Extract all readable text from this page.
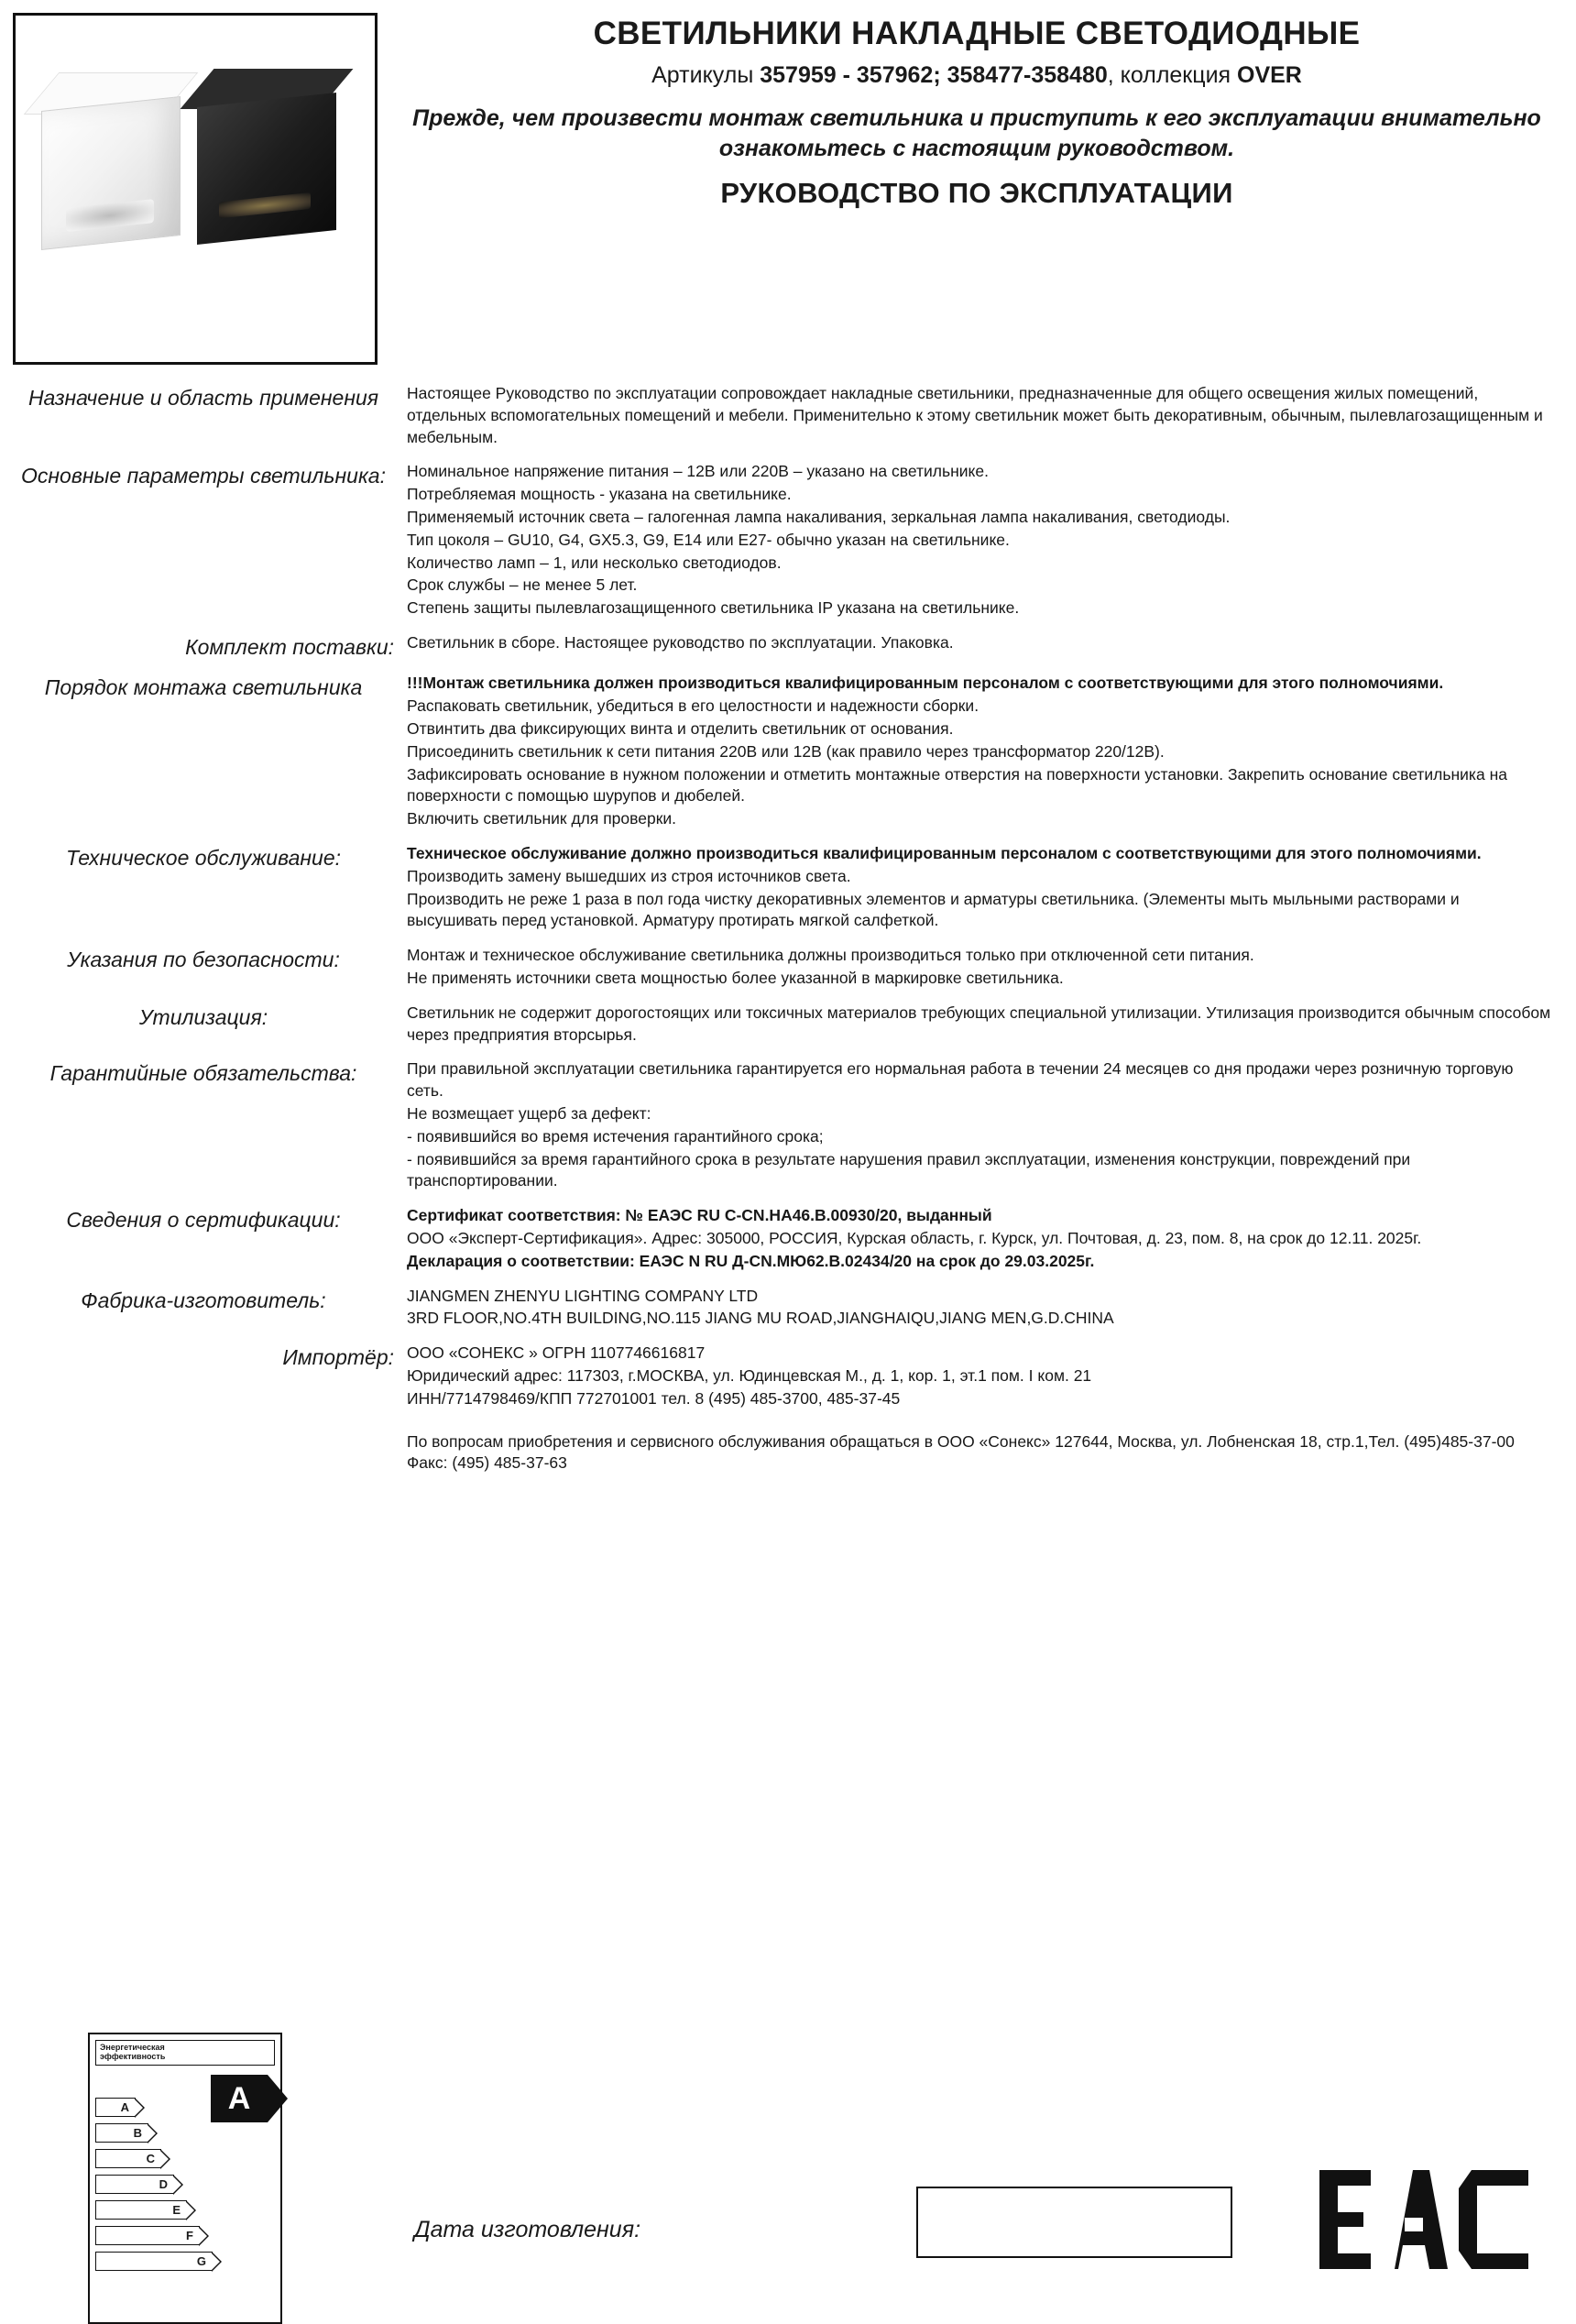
СВЕТИЛЬНИКИ НАКЛАДНЫЕ СВЕТОДИОДНЫЕ
Артикулы 357959 - 357962; 358477-358480, коллекция OVER
Прежде, чем произвести монтаж светильника и приступить к его эксплуатации внимательно ознакомьтесь с настоящим руководством.
РУКОВОДСТВО ПО ЭКСПЛУАТАЦИИ
Назначение и область применения	Настоящее Руководство по эксплуатации сопровождает накладные светильники, предназначенные для общего освещения жилых помещений, отдельных вспомогательных помещений и мебели. Применительно к этому светильник может быть декоративным, обычным, пылевлагозащищенным и мебельным.

Основные параметры светильника:	Номинальное напряжение питания – 12В или 220В – указано на светильнике.

Потребляемая мощность - указана на светильнике.

Применяемый источник света – галогенная лампа накаливания, зеркальная лампа накаливания, светодиоды.

Тип цоколя – GU10, G4, GX5.3, G9, E14 или E27- обычно указан на светильнике.

Количество ламп – 1, или несколько светодиодов.

Срок службы – не менее 5 лет.

Степень защиты пылевлагозащищенного светильника IP указана на светильнике.

Комплект поставки: Светильник в сборе. Настоящее руководство по эксплуатации. Упаковка.

Порядок монтажа светильника	!!!Монтаж светильника должен производиться квалифицированным персоналом с соответствующими для этого полномочиями.

Распаковать светильник, убедиться в его целостности и надежности сборки.

Отвинтить два фиксирующих винта и отделить светильник от основания.

Присоединить светильник к сети питания 220В или 12В (как правило через трансформатор 220/12В).

Зафиксировать основание в нужном положении и отметить монтажные отверстия на поверхности установки. Закрепить основание светильника на поверхности с помощью шурупов и дюбелей.

Включить светильник для проверки.

Техническое обслуживание:	Техническое обслуживание должно производиться квалифицированным персоналом с соответствующими для этого полномочиями.

Производить замену вышедших из строя источников света.

Производить не реже 1 раза в пол года чистку декоративных элементов и арматуры светильника. (Элементы мыть мыльными растворами и высушивать перед установкой. Арматуру протирать мягкой салфеткой.

Указания по безопасности:	Монтаж и техническое обслуживание светильника должны производиться только при отключенной сети питания.

Не применять источники света мощностью более указанной в маркировке светильника.

Утилизация:	Светильник не содержит дорогостоящих или токсичных материалов требующих специальной утилизации. Утилизация производится обычным способом через предприятия вторсырья.

Гарантийные обязательства:	При правильной эксплуатации светильника гарантируется его нормальная работа в течении 24 месяцев со дня продажи через розничную торговую сеть.

Не возмещает ущерб за дефект:

- появившийся во время истечения гарантийного срока;

- появившийся за время гарантийного срока в результате нарушения правил эксплуатации, изменения конструкции, повреждений при транспортировании.

Сведения о сертификации:	Сертификат соответствия: № ЕАЭС RU C-CN.НА46.В.00930/20, выданный

ООО «Эксперт-Сертификация». Адрес: 305000, РОССИЯ, Курская область, г. Курск, ул. Почтовая, д. 23, пом. 8, на срок до 12.11. 2025г.

Декларация о соответствии: ЕАЭС N RU Д-CN.МЮ62.В.02434/20 на срок до 29.03.2025г.

Фабрика-изготовитель:	JIANGMEN ZHENYU LIGHTING COMPANY LTD

3RD FLOOR,NO.4TH BUILDING,NO.115 JIANG MU ROAD,JIANGHAIQU,JIANG MEN,G.D.CHINA

Импортёр: ООО «СОНЕКС » ОГРН 1107746616817

Юридический адрес: 117303, г.МОСКВА, ул. Юдинцевская М., д. 1, кор. 1, эт.1 пом. I ком. 21

ИНН/7714798469/КПП 772701001 тел. 8 (495) 485-3700, 485-37-45

По вопросам приобретения и сервисного обслуживания обращаться в ООО «Сонекс» 127644, Москва, ул. Лобненская 18, стр.1,Тел. (495)485-37-00 Факс: (495) 485-37-63

Энергетическая
эффективность
A
A
B
C
D
E
F
G
Дата изготовления:
